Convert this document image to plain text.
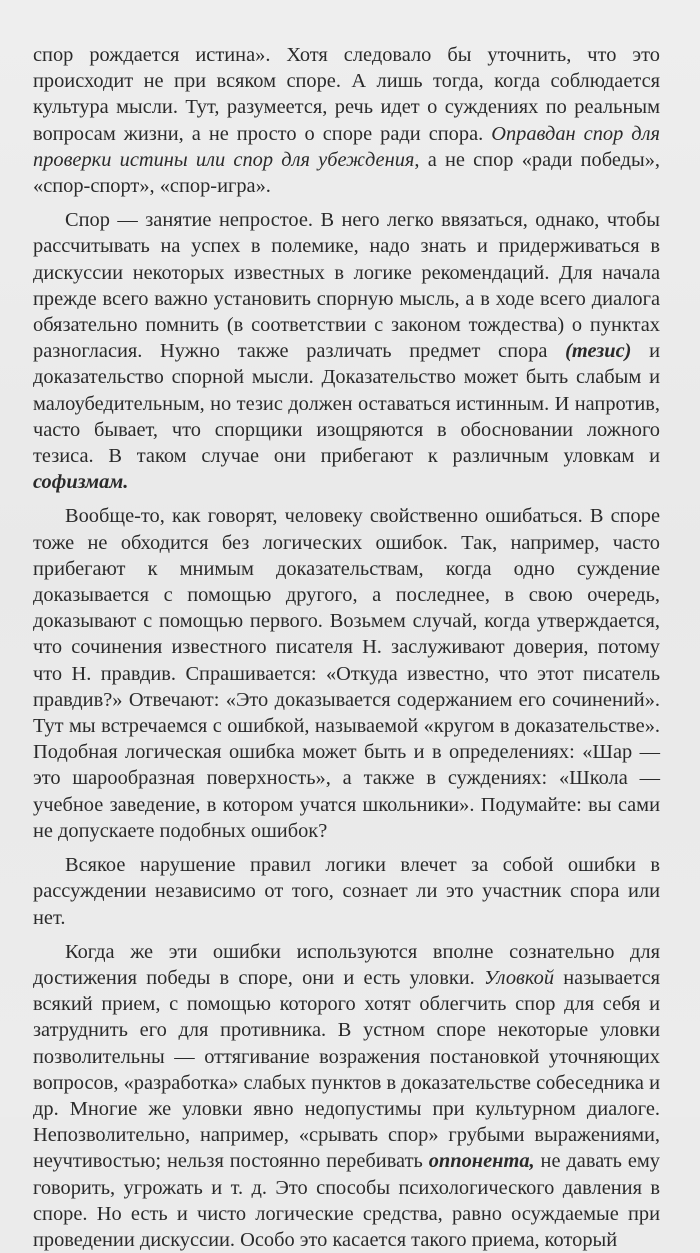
спор рождается истина». Хотя следовало бы уточнить, что это происходит не при всяком споре. А лишь тогда, когда соблюдается культура мысли. Тут, разумеется, речь идет о суждениях по реальным вопросам жизни, а не просто о споре ради спора. Оправдан спор для проверки истины или спор для убеждения, а не спор «ради победы», «спор-спорт», «спор-игра».

Спор — занятие непростое. В него легко ввязаться, однако, чтобы рассчитывать на успех в полемике, надо знать и придерживаться в дискуссии некоторых известных в логике рекомендаций. Для начала прежде всего важно установить спорную мысль, а в ходе всего диалога обязательно помнить (в соответствии с законом тождества) о пунктах разногласия. Нужно также различать предмет спора (тезис) и доказательство спорной мысли. Доказательство может быть слабым и малоубедительным, но тезис должен оставаться истинным. И напротив, часто бывает, что спорщики изощряются в обосновании ложного тезиса. В таком случае они прибегают к различным уловкам и софизмам.

Вообще-то, как говорят, человеку свойственно ошибаться. В споре тоже не обходится без логических ошибок. Так, например, часто прибегают к мнимым доказательствам, когда одно суждение доказывается с помощью другого, а последнее, в свою очередь, доказывают с помощью первого. Возьмем случай, когда утверждается, что сочинения известного писателя Н. заслуживают доверия, потому что Н. правдив. Спрашивается: «Откуда известно, что этот писатель правдив?» Отвечают: «Это доказывается содержанием его сочинений». Тут мы встречаемся с ошибкой, называемой «кругом в доказательстве». Подобная логическая ошибка может быть и в определениях: «Шар — это шарообразная поверхность», а также в суждениях: «Школа — учебное заведение, в котором учатся школьники». Подумайте: вы сами не допускаете подобных ошибок?

Всякое нарушение правил логики влечет за собой ошибки в рассуждении независимо от того, сознает ли это участник спора или нет.

Когда же эти ошибки используются вполне сознательно для достижения победы в споре, они и есть уловки. Уловкой называется всякий прием, с помощью которого хотят облегчить спор для себя и затруднить его для противника. В устном споре некоторые уловки позволительны — оттягивание возражения постановкой уточняющих вопросов, «разработка» слабых пунктов в доказательстве собеседника и др. Многие же уловки явно недопустимы при культурном диалоге. Непозволительно, например, «срывать спор» грубыми выражениями, неучтивостью; нельзя постоянно перебивать оппонента, не давать ему говорить, угрожать и т. д. Это способы психологического давления в споре. Но есть и чисто логические средства, равно осуждаемые при проведении дискуссии. Особо это касается такого приема, который
